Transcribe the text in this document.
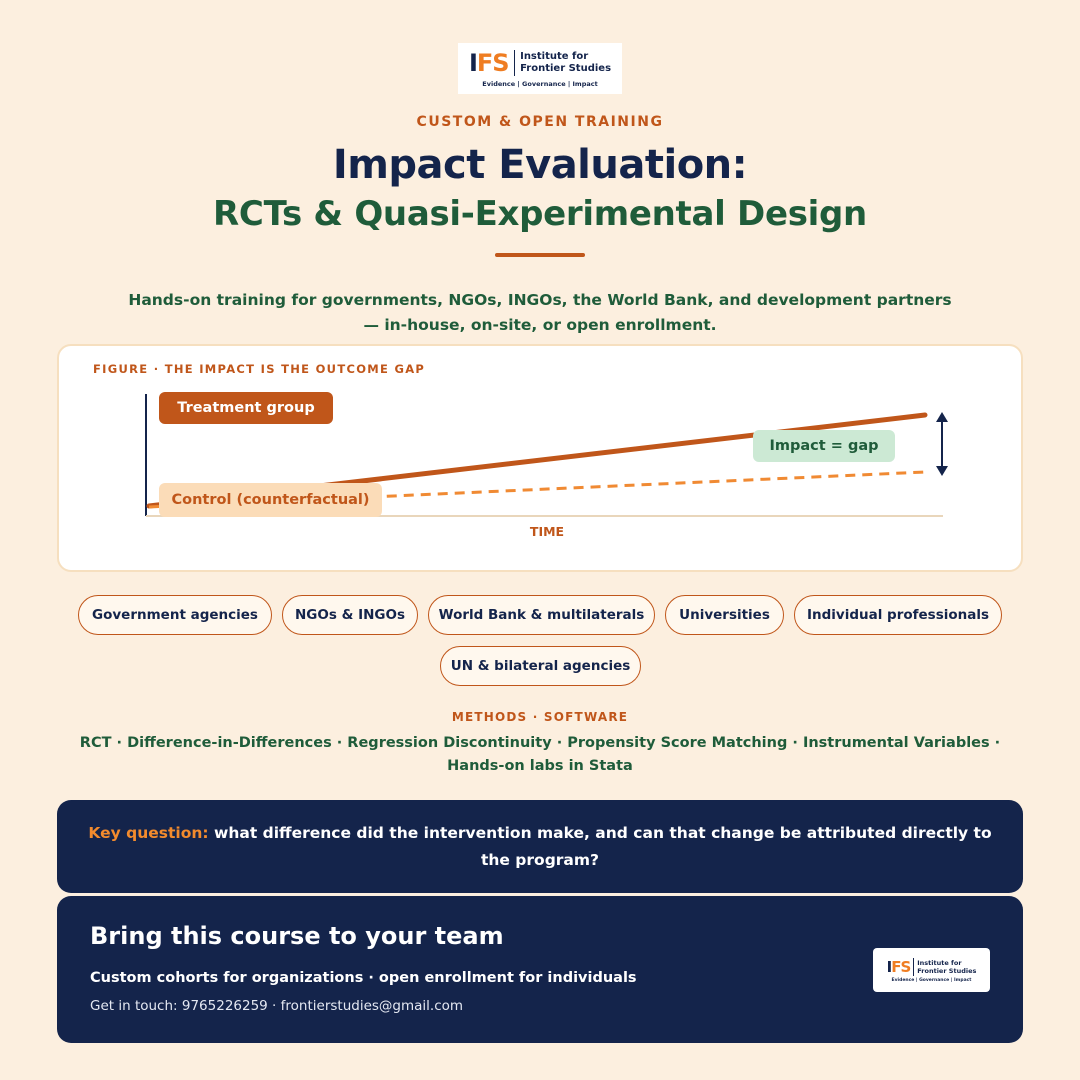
IFS Institute for
Frontier Studies
Evidence | Governance | Impact
CUSTOM & OPEN TRAINING
Impact Evaluation:
RCTs & Quasi-Experimental Design
Hands-on training for governments, NGOs, INGOs, the World Bank, and development partners
— in-house, on-site, or open enrollment.
FIGURE · THE IMPACT IS THE OUTCOME GAP
Treatment group
Impact = gap
Control (counterfactual)
TIME
Government agencies	NGOs & INGOs	World Bank & multilaterals	Universities	Individual professionals
UN & bilateral agencies
METHODS · SOFTWARE
RCT · Difference-in-Differences · Regression Discontinuity · Propensity Score Matching · Instrumental Variables · Hands-on labs in Stata
Key question: what difference did the intervention make, and can that change be attributed directly to the program?
Bring this course to your team
Custom cohorts for organizations · open enrollment for individuals
Get in touch: 9765226259 · frontierstudies@gmail.com
IFS Institute for
Frontier Studies
Evidence | Governance | Impact
